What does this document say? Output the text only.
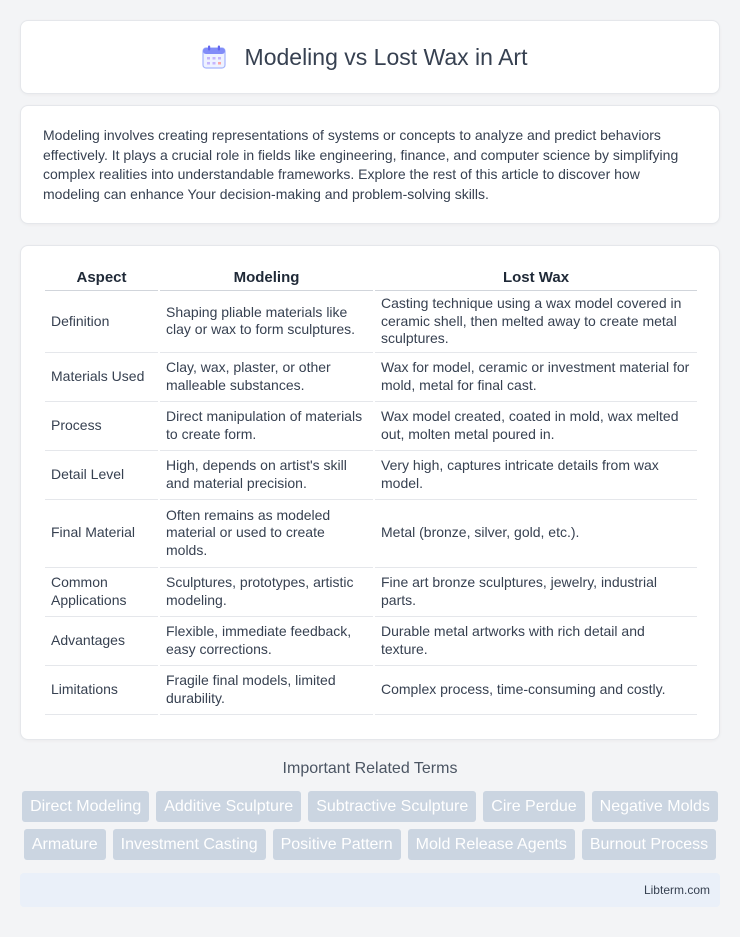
Modeling vs Lost Wax in Art

Modeling involves creating representations of systems or concepts to analyze and predict behaviors effectively. It plays a crucial role in fields like engineering, finance, and computer science by simplifying complex realities into understandable frameworks. Explore the rest of this article to discover how modeling can enhance Your decision-making and problem-solving skills.

Aspect	Modeling	Lost Wax
Definition	Shaping pliable materials like clay or wax to form sculptures.	Casting technique using a wax model covered in ceramic shell, then melted away to create metal sculptures.
Materials Used	Clay, wax, plaster, or other malleable substances.	Wax for model, ceramic or investment material for mold, metal for final cast.
Process	Direct manipulation of materials to create form.	Wax model created, coated in mold, wax melted out, molten metal poured in.
Detail Level	High, depends on artist's skill and material precision.	Very high, captures intricate details from wax model.
Final Material	Often remains as modeled material or used to create molds.	Metal (bronze, silver, gold, etc.).
Common Applications	Sculptures, prototypes, artistic modeling.	Fine art bronze sculptures, jewelry, industrial parts.
Advantages	Flexible, immediate feedback, easy corrections.	Durable metal artworks with rich detail and texture.
Limitations	Fragile final models, limited durability.	Complex process, time-consuming and costly.
Important Related Terms
Direct Modeling	Additive Sculpture	Subtractive Sculpture	Cire Perdue	Negative Molds
Armature	Investment Casting	Positive Pattern	Mold Release Agents	Burnout Process
Libterm.com
